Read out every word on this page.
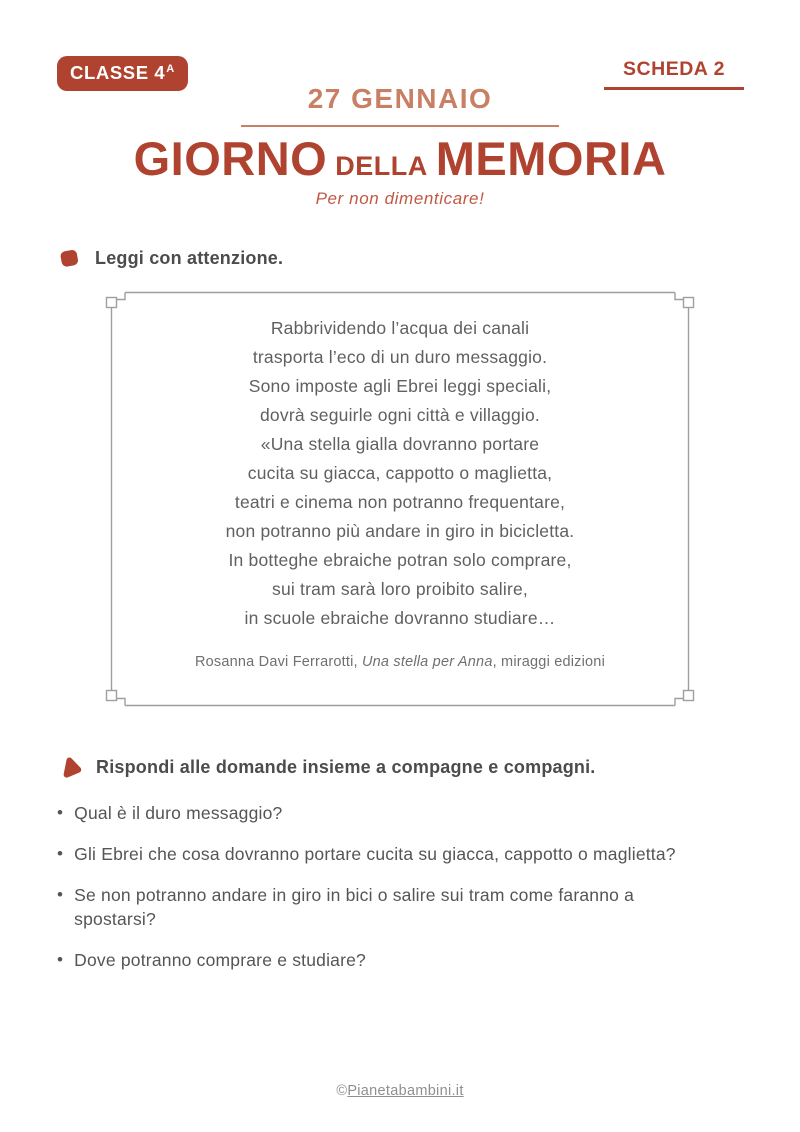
CLASSE $4^A$	SCHEDA 2
27 GENNAIO
GIORNO DELLA MEMORIA
Per non dimenticare!
Leggi con attenzione.
Rabbrividendo l’acqua dei canali
trasporta l’eco di un duro messaggio.
Sono imposte agli Ebrei leggi speciali,
dovrà seguirle ogni città e villaggio.
«Una stella gialla dovranno portare
cucita su giacca, cappotto o maglietta,
teatri e cinema non potranno frequentare,
non potranno più andare in giro in bicicletta.
In botteghe ebraiche potran solo comprare,
sui tram sarà loro proibito salire,
in scuole ebraiche dovranno studiare…
Rosanna Davi Ferrarotti, Una stella per Anna, miraggi edizioni
Rispondi alle domande insieme a compagne e compagni.
• Qual è il duro messaggio?
• Gli Ebrei che cosa dovranno portare cucita su giacca, cappotto o maglietta?
• Se non potranno andare in giro in bici o salire sui tram come faranno a spostarsi?
• Dove potranno comprare e studiare?
©Pianetabambini.it
